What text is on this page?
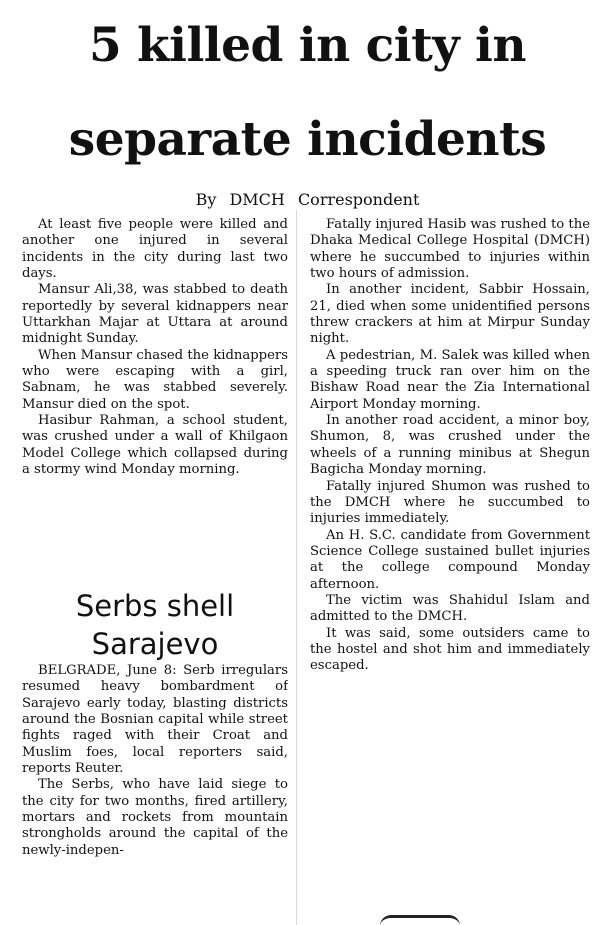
5 killed in city in
separate incidents
By DMCH Correspondent

At least five people were killed and another one injured in several incidents in the city during last two days.

Mansur Ali,38, was stabbed to death reportedly by several kidnappers near Uttarkhan Majar at Uttara at around midnight Sunday.

When Mansur chased the kidnappers who were escaping with a girl, Sabnam, he was stabbed severely. Mansur died on the spot.

Hasibur Rahman, a school student, was crushed under a wall of Khilgaon Model College which collapsed during a stormy wind Monday morning.

Serbs shell
Sarajevo

BELGRADE, June 8: Serb irregulars resumed heavy bombardment of Sarajevo early today, blasting districts around the Bosnian capital while street fights raged with their Croat and Muslim foes, local reporters said, reports Reuter.

The Serbs, who have laid siege to the city for two months, fired artillery, mortars and rockets from mountain strongholds around the capital of the newly-indepen-

Fatally injured Hasib was rushed to the Dhaka Medical College Hospital (DMCH) where he succumbed to injuries within two hours of admission.

In another incident, Sabbir Hossain, 21, died when some unidentified persons threw crackers at him at Mirpur Sunday night.

A pedestrian, M. Salek was killed when a speeding truck ran over him on the Bishaw Road near the Zia International Airport Monday morning.

In another road accident, a minor boy, Shumon, 8, was crushed under the wheels of a running minibus at Shegun Bagicha Monday morning.

Fatally injured Shumon was rushed to the DMCH where he succumbed to injuries immediately.

An H. S.C. candidate from Government Science College sustained bullet injuries at the college compound Monday afternoon.

The victim was Shahidul Islam and admitted to the DMCH.

It was said, some outsiders came to the hostel and shot him and immediately escaped.
